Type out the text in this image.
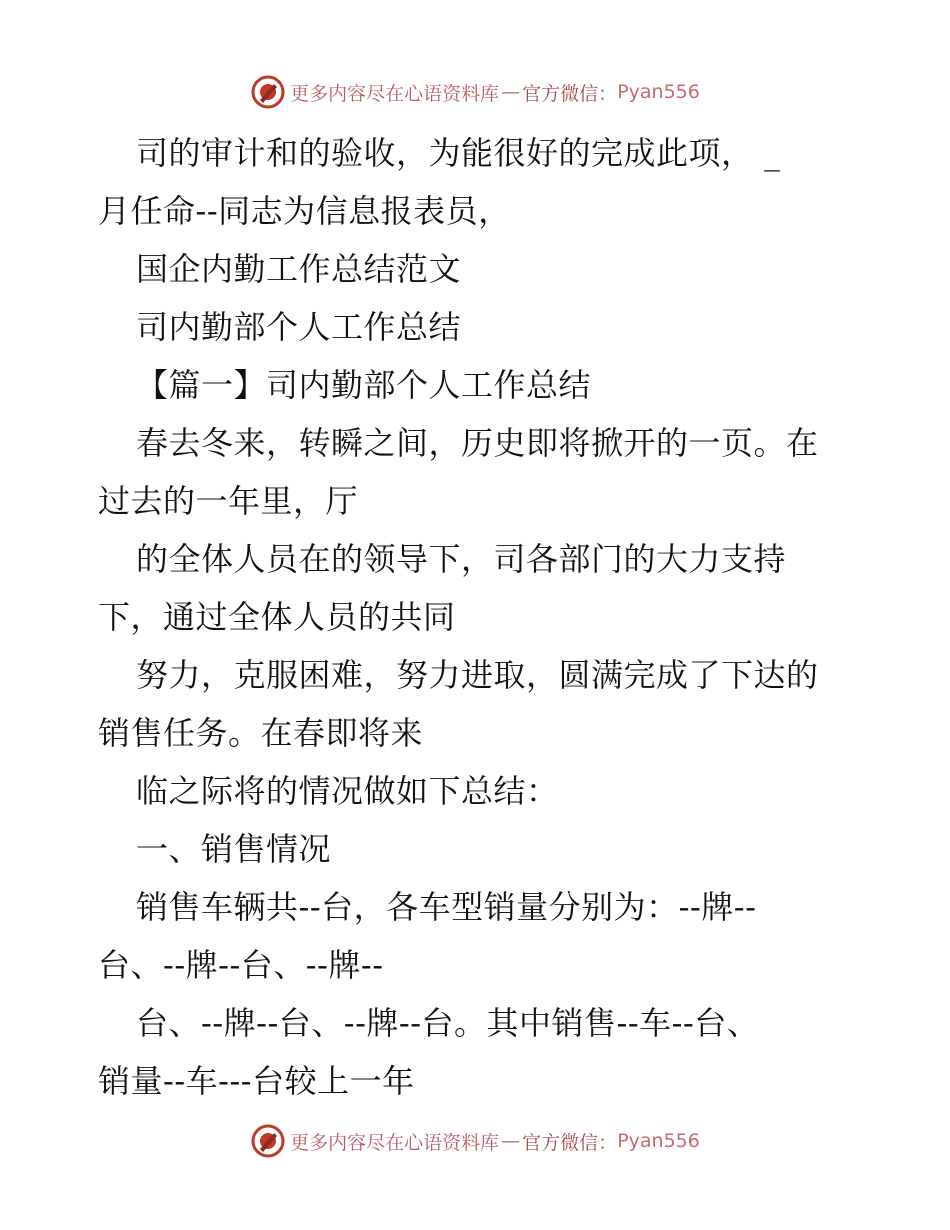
更多内容尽在心语资料库 — 官方微信： Pyan556
司的审计和的验收，为能很好的完成此项， _
月任命--同志为信息报表员，
国企内勤工作总结范文
司内勤部个人工作总结
【篇一】司内勤部个人工作总结
春去冬来，转瞬之间，历史即将掀开的一页。在
过去的一年里，厅
的全体人员在的领导下，司各部门的大力支持
下，通过全体人员的共同
努力，克服困难，努力进取，圆满完成了下达的
销售任务。在春即将来
临之际将的情况做如下总结：
一、销售情况
销售车辆共--台，各车型销量分别为：--牌--
台、--牌--台、--牌--
台、--牌--台、--牌--台。其中销售--车--台、
销量--车---台较上一年
更多内容尽在心语资料库 — 官方微信： Pyan556
